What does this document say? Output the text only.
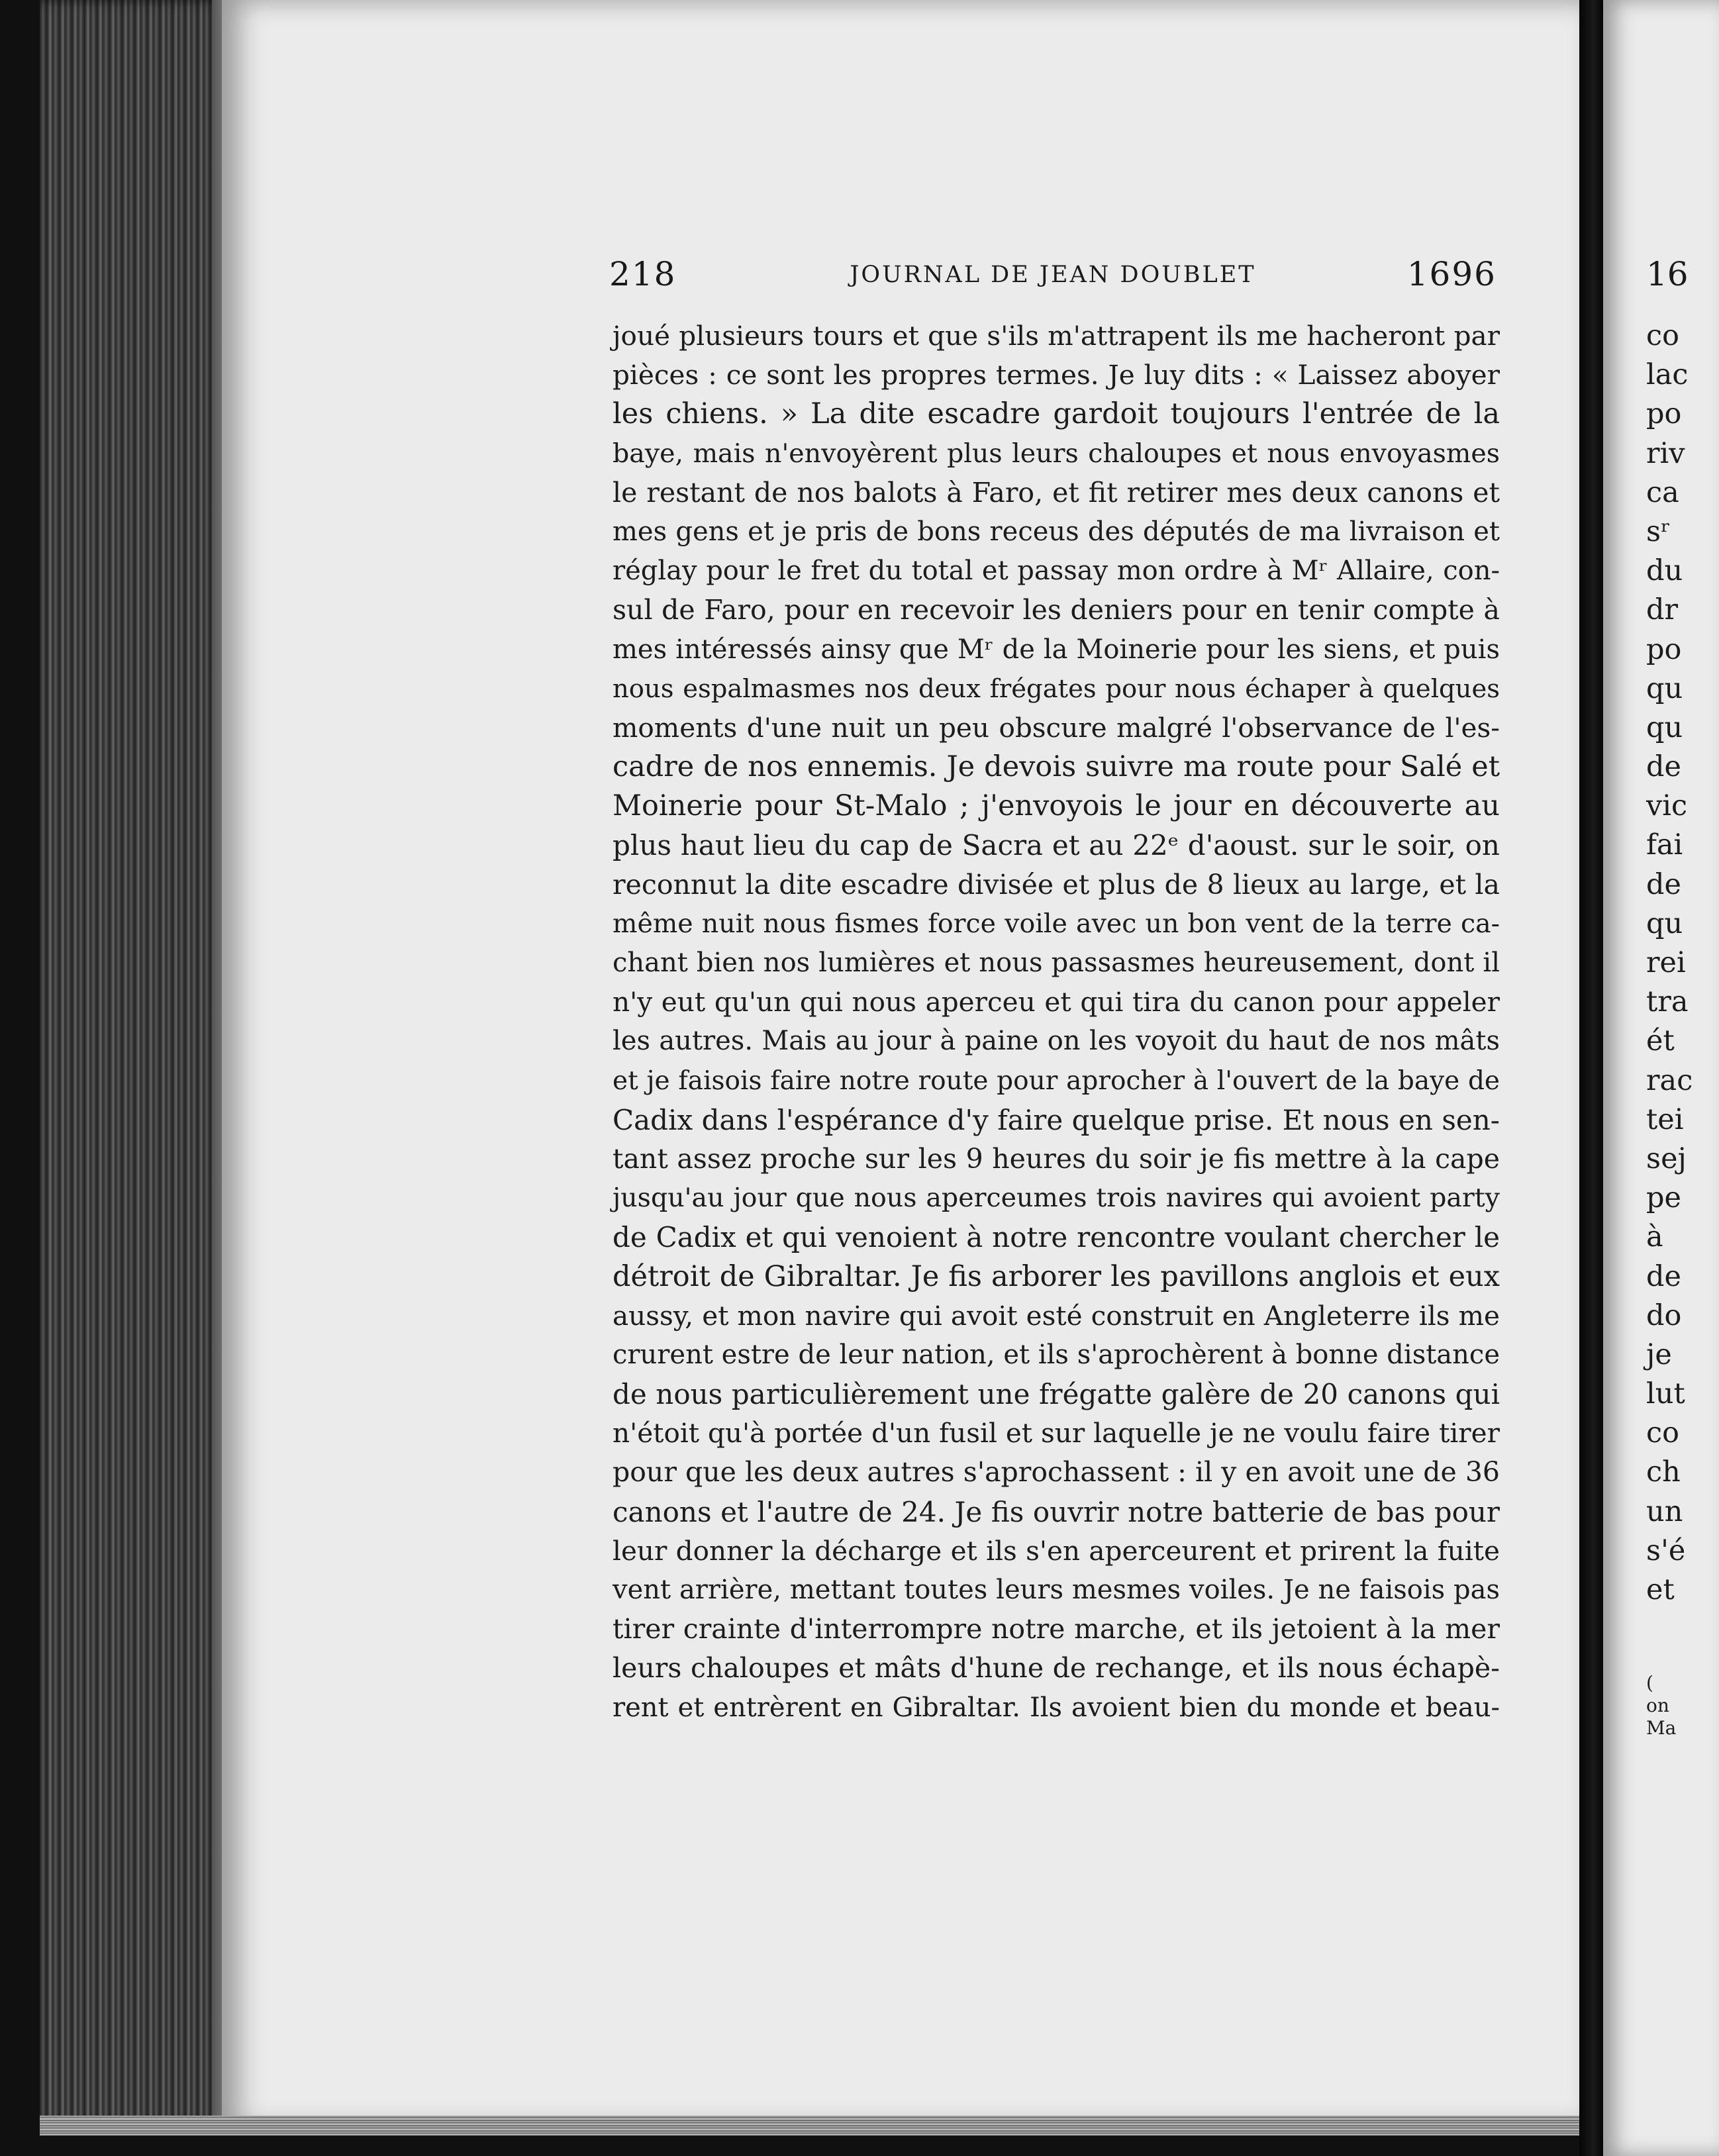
218	JOURNAL DE JEAN DOUBLET	1696
joué plusieurs tours et que s'ils m'attrapent ils me hacheront par
pièces : ce sont les propres termes. Je luy dits : « Laissez aboyer
les chiens. » La dite escadre gardoit toujours l'entrée de la
baye, mais n'envoyèrent plus leurs chaloupes et nous envoyasmes
le restant de nos balots à Faro, et fit retirer mes deux canons et
mes gens et je pris de bons receus des députés de ma livraison et
réglay pour le fret du total et passay mon ordre à Mʳ Allaire, con-
sul de Faro, pour en recevoir les deniers pour en tenir compte à
mes intéressés ainsy que Mʳ de la Moinerie pour les siens, et puis
nous espalmasmes nos deux frégates pour nous échaper à quelques
moments d'une nuit un peu obscure malgré l'observance de l'es-
cadre de nos ennemis. Je devois suivre ma route pour Salé et
Moinerie pour St-Malo ; j'envoyois le jour en découverte au
plus haut lieu du cap de Sacra et au 22ᵉ d'aoust. sur le soir, on
reconnut la dite escadre divisée et plus de 8 lieux au large, et la
même nuit nous fismes force voile avec un bon vent de la terre ca-
chant bien nos lumières et nous passasmes heureusement, dont il
n'y eut qu'un qui nous aperceu et qui tira du canon pour appeler
les autres. Mais au jour à paine on les voyoit du haut de nos mâts
et je faisois faire notre route pour aprocher à l'ouvert de la baye de
Cadix dans l'espérance d'y faire quelque prise. Et nous en sen-
tant assez proche sur les 9 heures du soir je fis mettre à la cape
jusqu'au jour que nous aperceumes trois navires qui avoient party
de Cadix et qui venoient à notre rencontre voulant chercher le
détroit de Gibraltar. Je fis arborer les pavillons anglois et eux
aussy, et mon navire qui avoit esté construit en Angleterre ils me
crurent estre de leur nation, et ils s'aprochèrent à bonne distance
de nous particulièrement une frégatte galère de 20 canons qui
n'étoit qu'à portée d'un fusil et sur laquelle je ne voulu faire tirer
pour que les deux autres s'aprochassent : il y en avoit une de 36
canons et l'autre de 24. Je fis ouvrir notre batterie de bas pour
leur donner la décharge et ils s'en aperceurent et prirent la fuite
vent arrière, mettant toutes leurs mesmes voiles. Je ne faisois pas
tirer crainte d'interrompre notre marche, et ils jetoient à la mer
leurs chaloupes et mâts d'hune de rechange, et ils nous échapè-
rent et entrèrent en Gibraltar. Ils avoient bien du monde et beau-
16
co
lac
po
riv
ca
sʳ
du
dr
po
qu
qu
de
vic
fai
de
qu
rei
tra
ét
rac
tei
sej
pe
à
de
do
je
lut
co
ch
un
s'é
et
(
on
Ma
